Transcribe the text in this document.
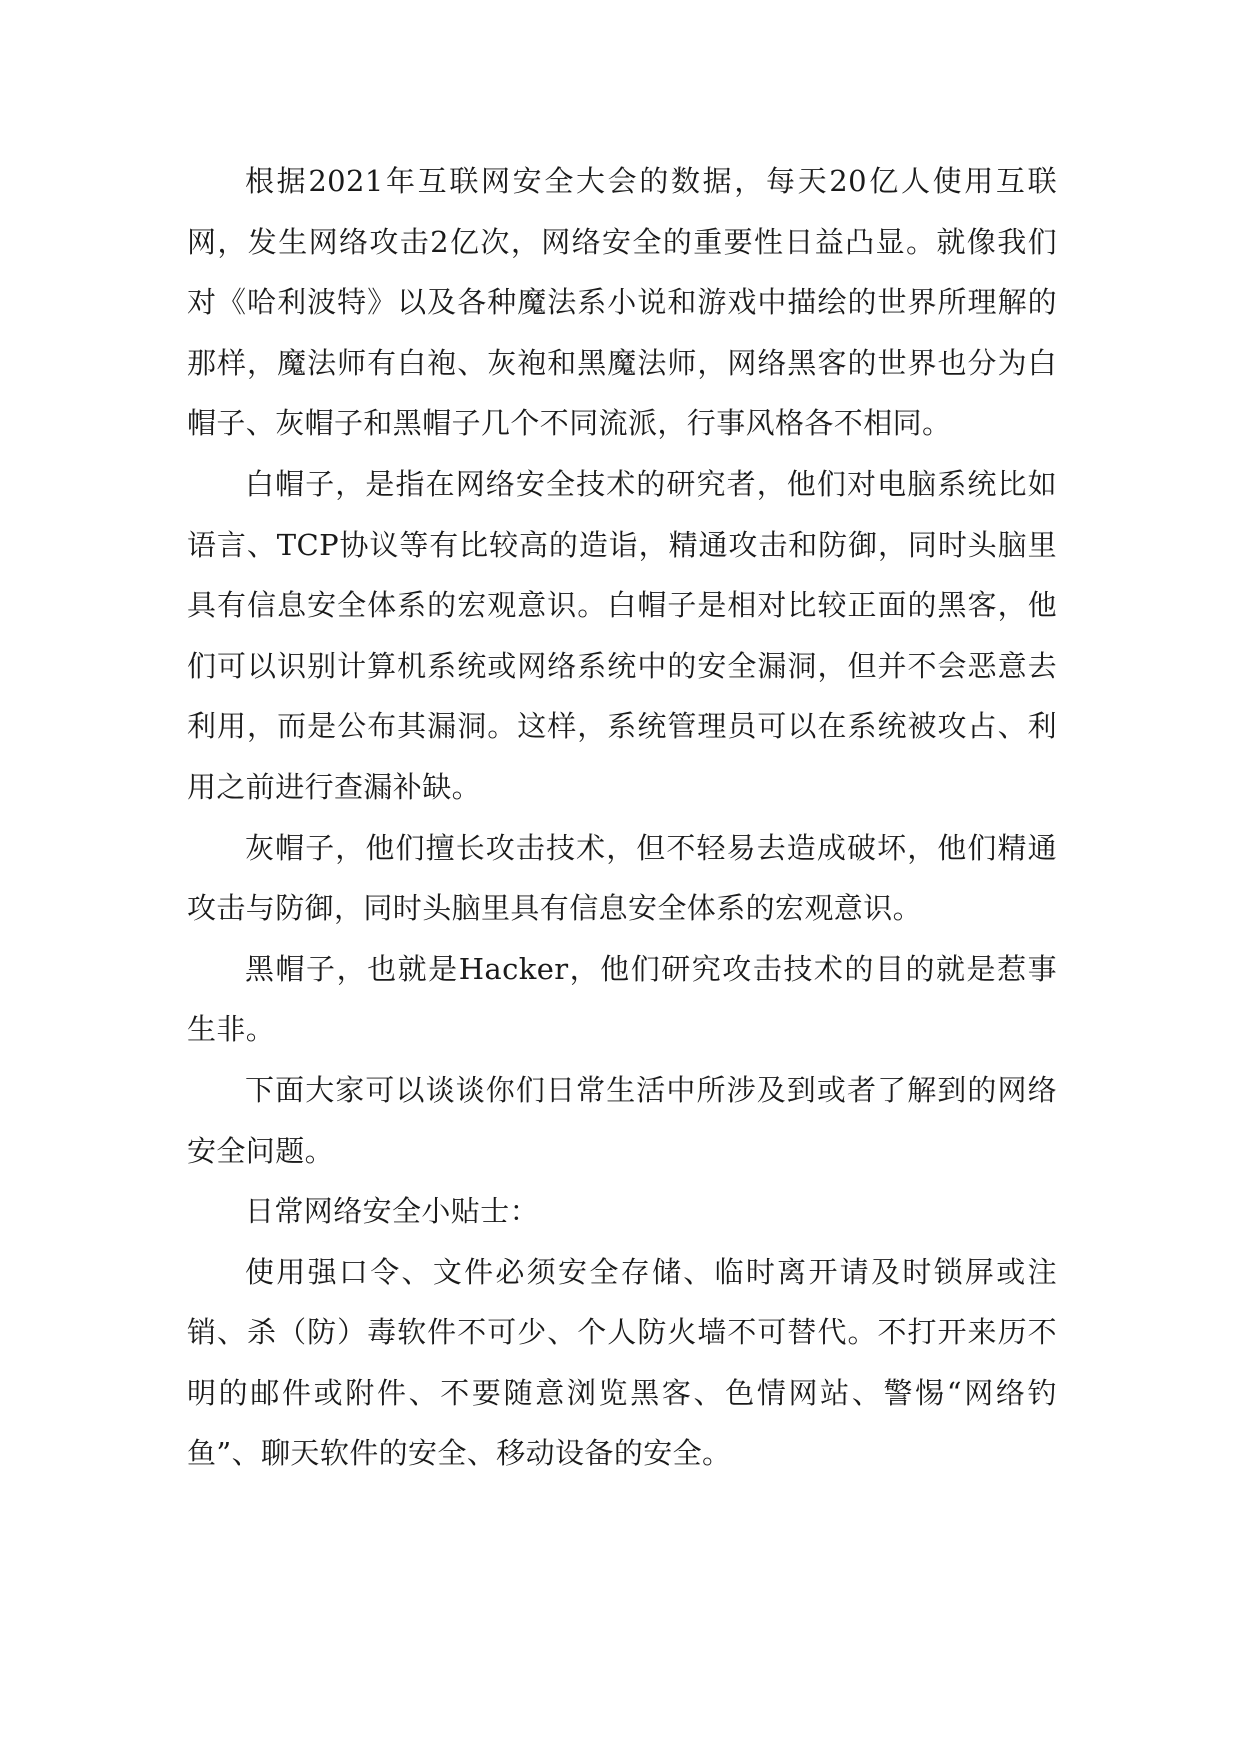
根据2021年互联网安全大会的数据，每天20亿人使用互联网，发生网络攻击2亿次，网络安全的重要性日益凸显。就像我们对《哈利波特》以及各种魔法系小说和游戏中描绘的世界所理解的那样，魔法师有白袍、灰袍和黑魔法师，网络黑客的世界也分为白帽子、灰帽子和黑帽子几个不同流派，行事风格各不相同。

白帽子，是指在网络安全技术的研究者，他们对电脑系统比如语言、TCP协议等有比较高的造诣，精通攻击和防御，同时头脑里具有信息安全体系的宏观意识。白帽子是相对比较正面的黑客，他们可以识别计算机系统或网络系统中的安全漏洞，但并不会恶意去利用，而是公布其漏洞。这样，系统管理员可以在系统被攻占、利用之前进行查漏补缺。

灰帽子，他们擅长攻击技术，但不轻易去造成破坏，他们精通攻击与防御，同时头脑里具有信息安全体系的宏观意识。

黑帽子，也就是Hacker，他们研究攻击技术的目的就是惹事生非。

下面大家可以谈谈你们日常生活中所涉及到或者了解到的网络安全问题。

日常网络安全小贴士：

使用强口令、文件必须安全存储、临时离开请及时锁屏或注销、杀（防）毒软件不可少、个人防火墙不可替代。不打开来历不明的邮件或附件、不要随意浏览黑客、色情网站、警惕“网络钓鱼”、聊天软件的安全、移动设备的安全。
